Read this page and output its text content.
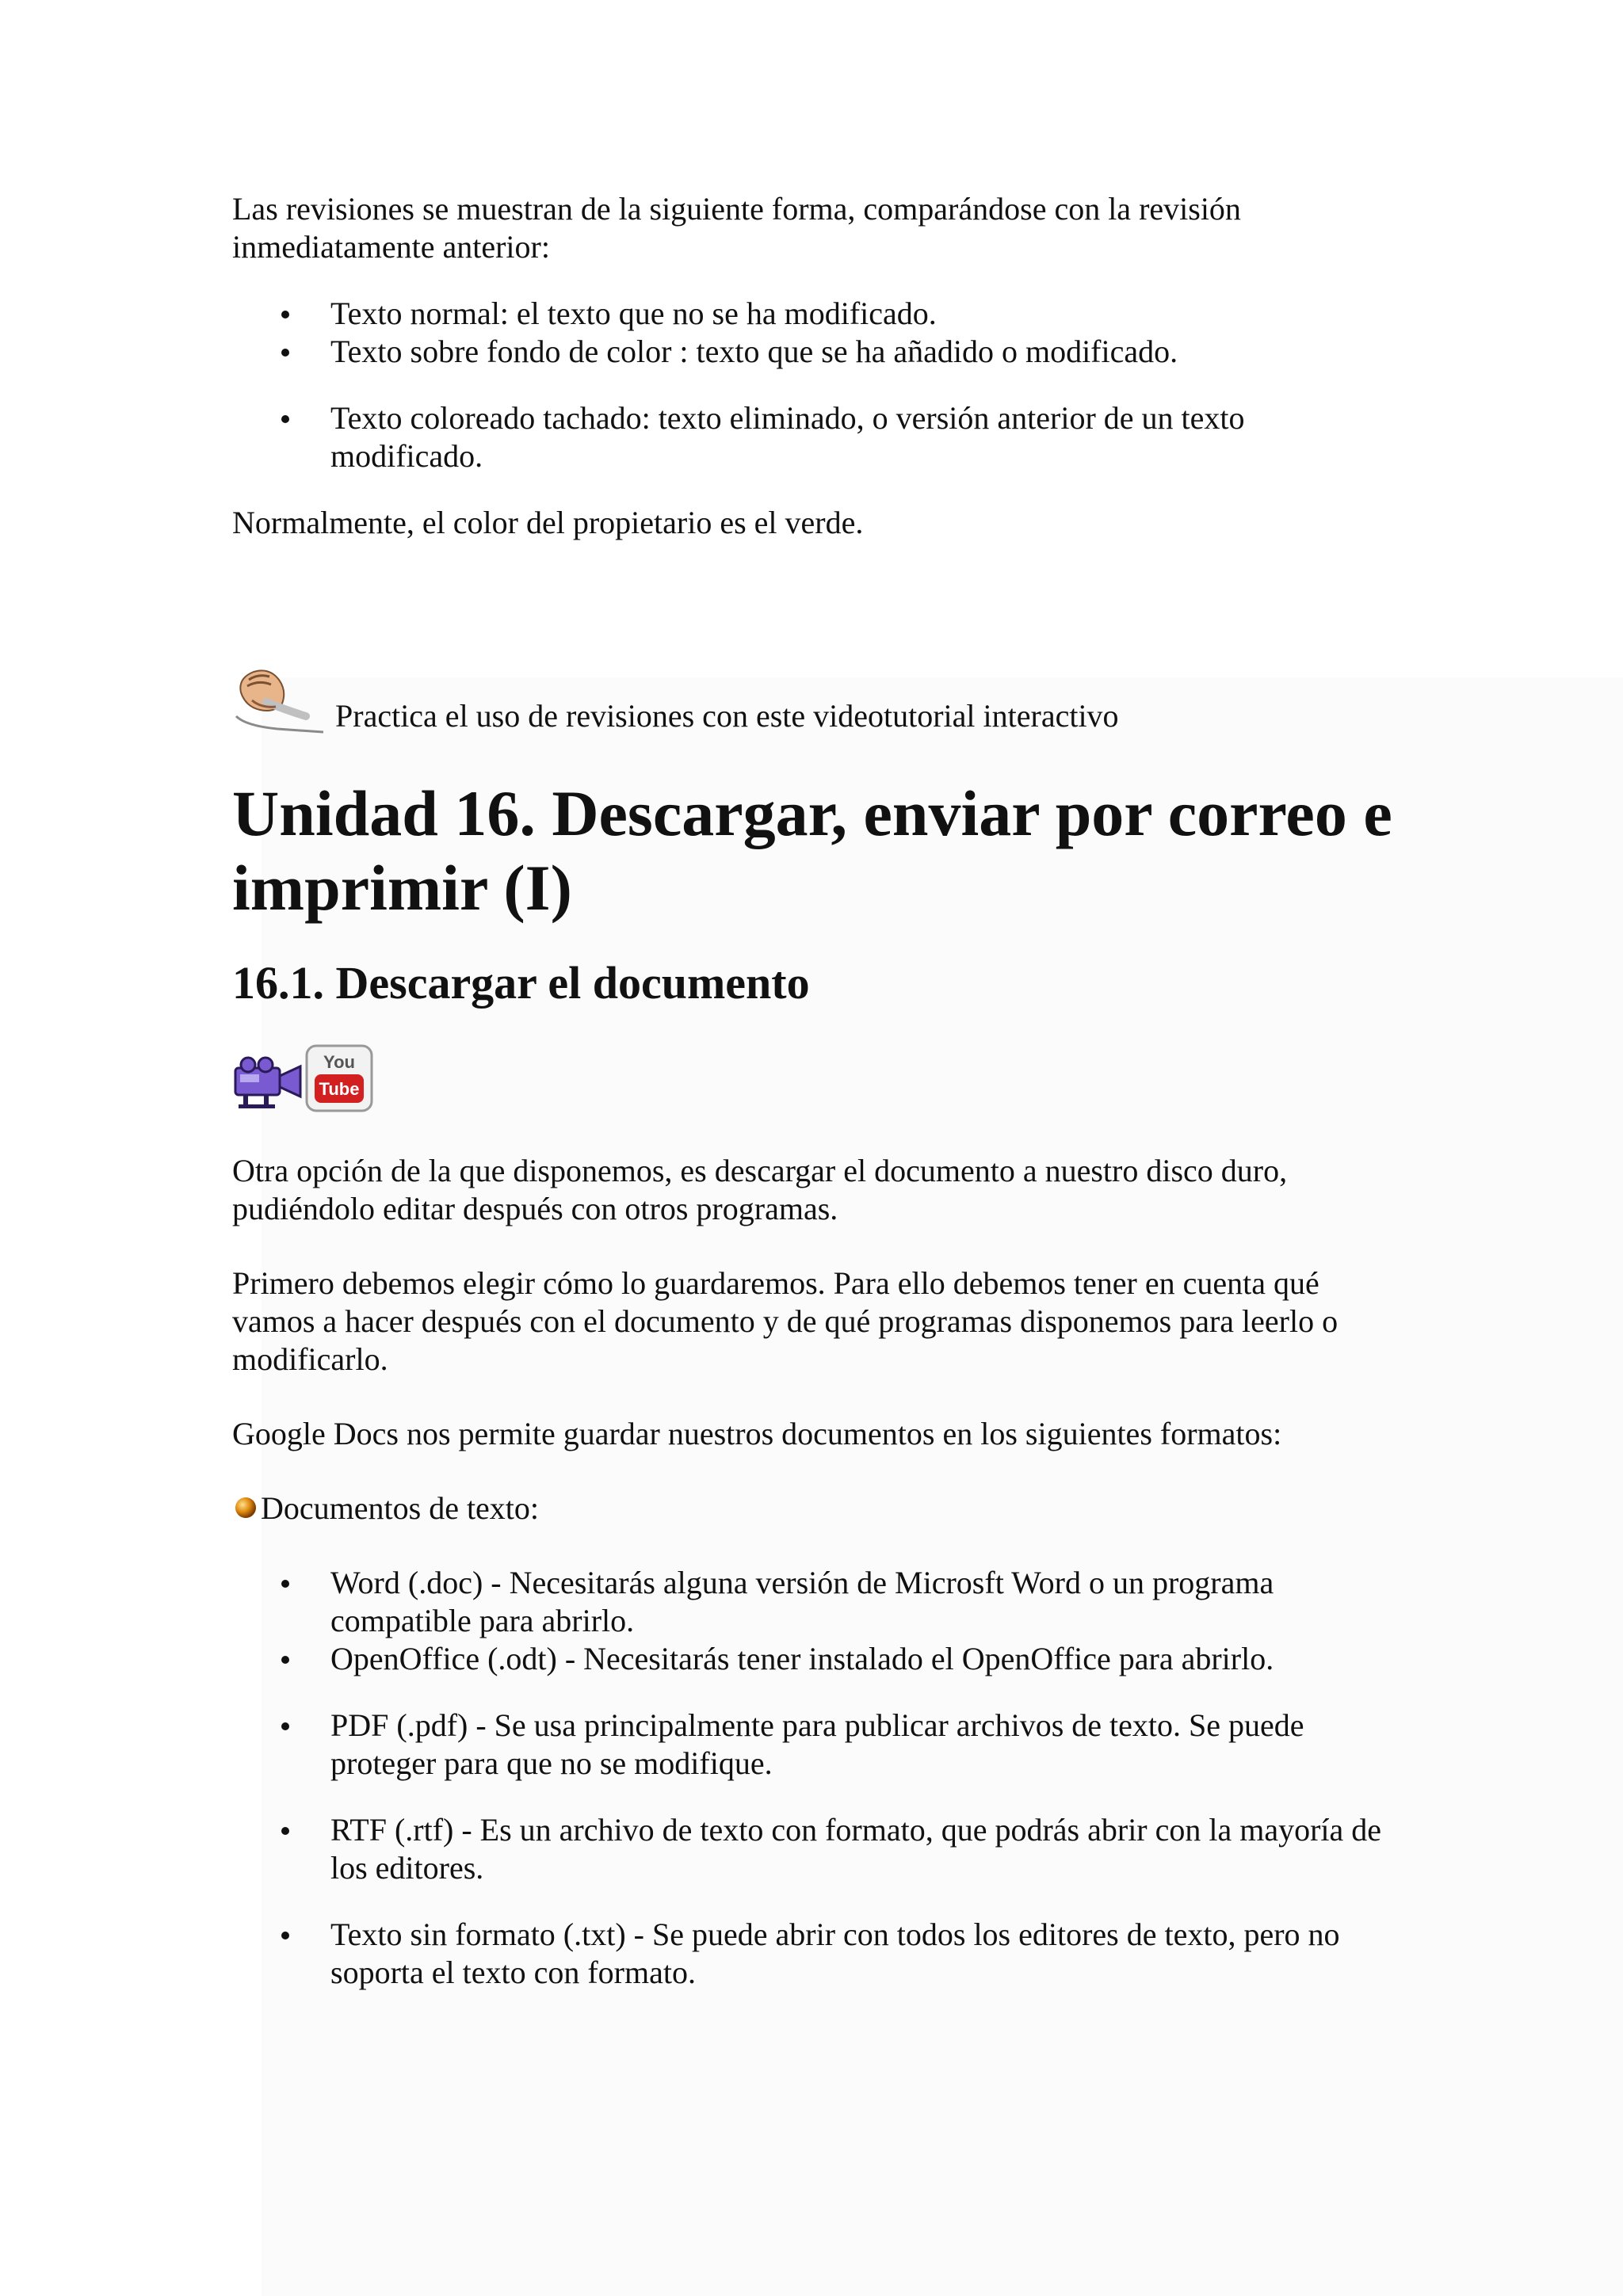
Las revisiones se muestran de la siguiente forma, comparándose con la revisión inmediatamente anterior:

Texto normal: el texto que no se ha modificado.
Texto sobre fondo de color : texto que se ha añadido o modificado.
Texto coloreado tachado: texto eliminado, o versión anterior de un texto modificado.

Normalmente, el color del propietario es el verde.

Practica el uso de revisiones con este videotutorial interactivo
Unidad 16. Descargar, enviar por correo e imprimir (I)
16.1. Descargar el documento
You
Tube

Otra opción de la que disponemos, es descargar el documento a nuestro disco duro, pudiéndolo editar después con otros programas.

Primero debemos elegir cómo lo guardaremos. Para ello debemos tener en cuenta qué vamos a hacer después con el documento y de qué programas disponemos para leerlo o modificarlo.

Google Docs nos permite guardar nuestros documentos en los siguientes formatos:

Documentos de texto:

Word (.doc) - Necesitarás alguna versión de Microsft Word o un programa compatible para abrirlo.
OpenOffice (.odt) - Necesitarás tener instalado el OpenOffice para abrirlo.
PDF (.pdf) - Se usa principalmente para publicar archivos de texto. Se puede proteger para que no se modifique.
RTF (.rtf) - Es un archivo de texto con formato, que podrás abrir con la mayoría de los editores.
Texto sin formato (.txt) - Se puede abrir con todos los editores de texto, pero no soporta el texto con formato.
